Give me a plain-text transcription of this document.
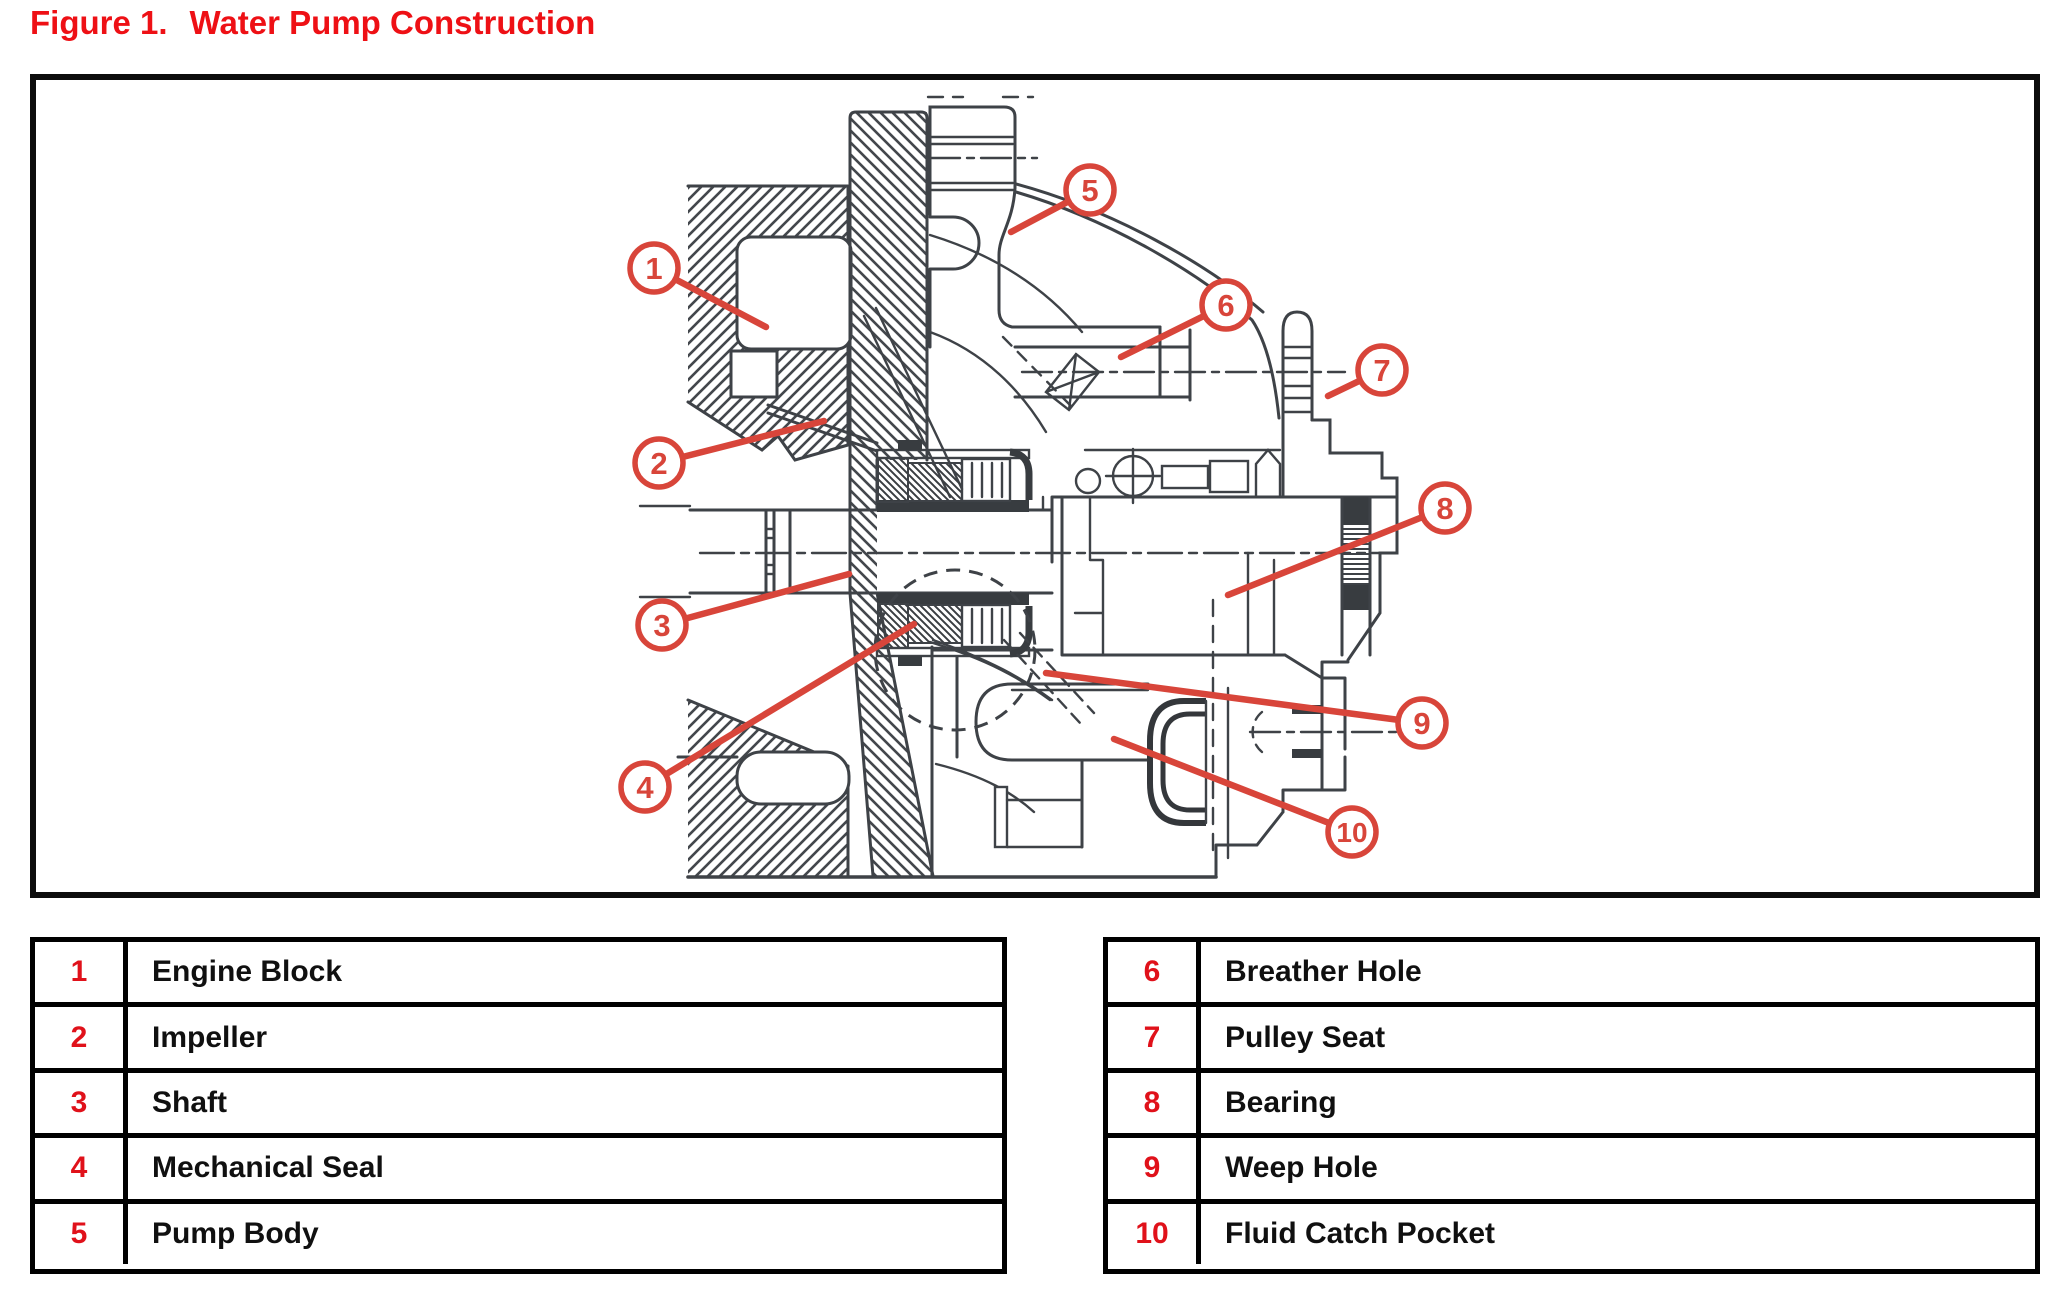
Figure 1. Water Pump Construction
1
2
3
4
5
6
7
8
9
10
1	Engine Block
2	Impeller
3	Shaft
4	Mechanical Seal
5	Pump Body
6	Breather Hole
7	Pulley Seat
8	Bearing
9	Weep Hole
10	Fluid Catch Pocket
